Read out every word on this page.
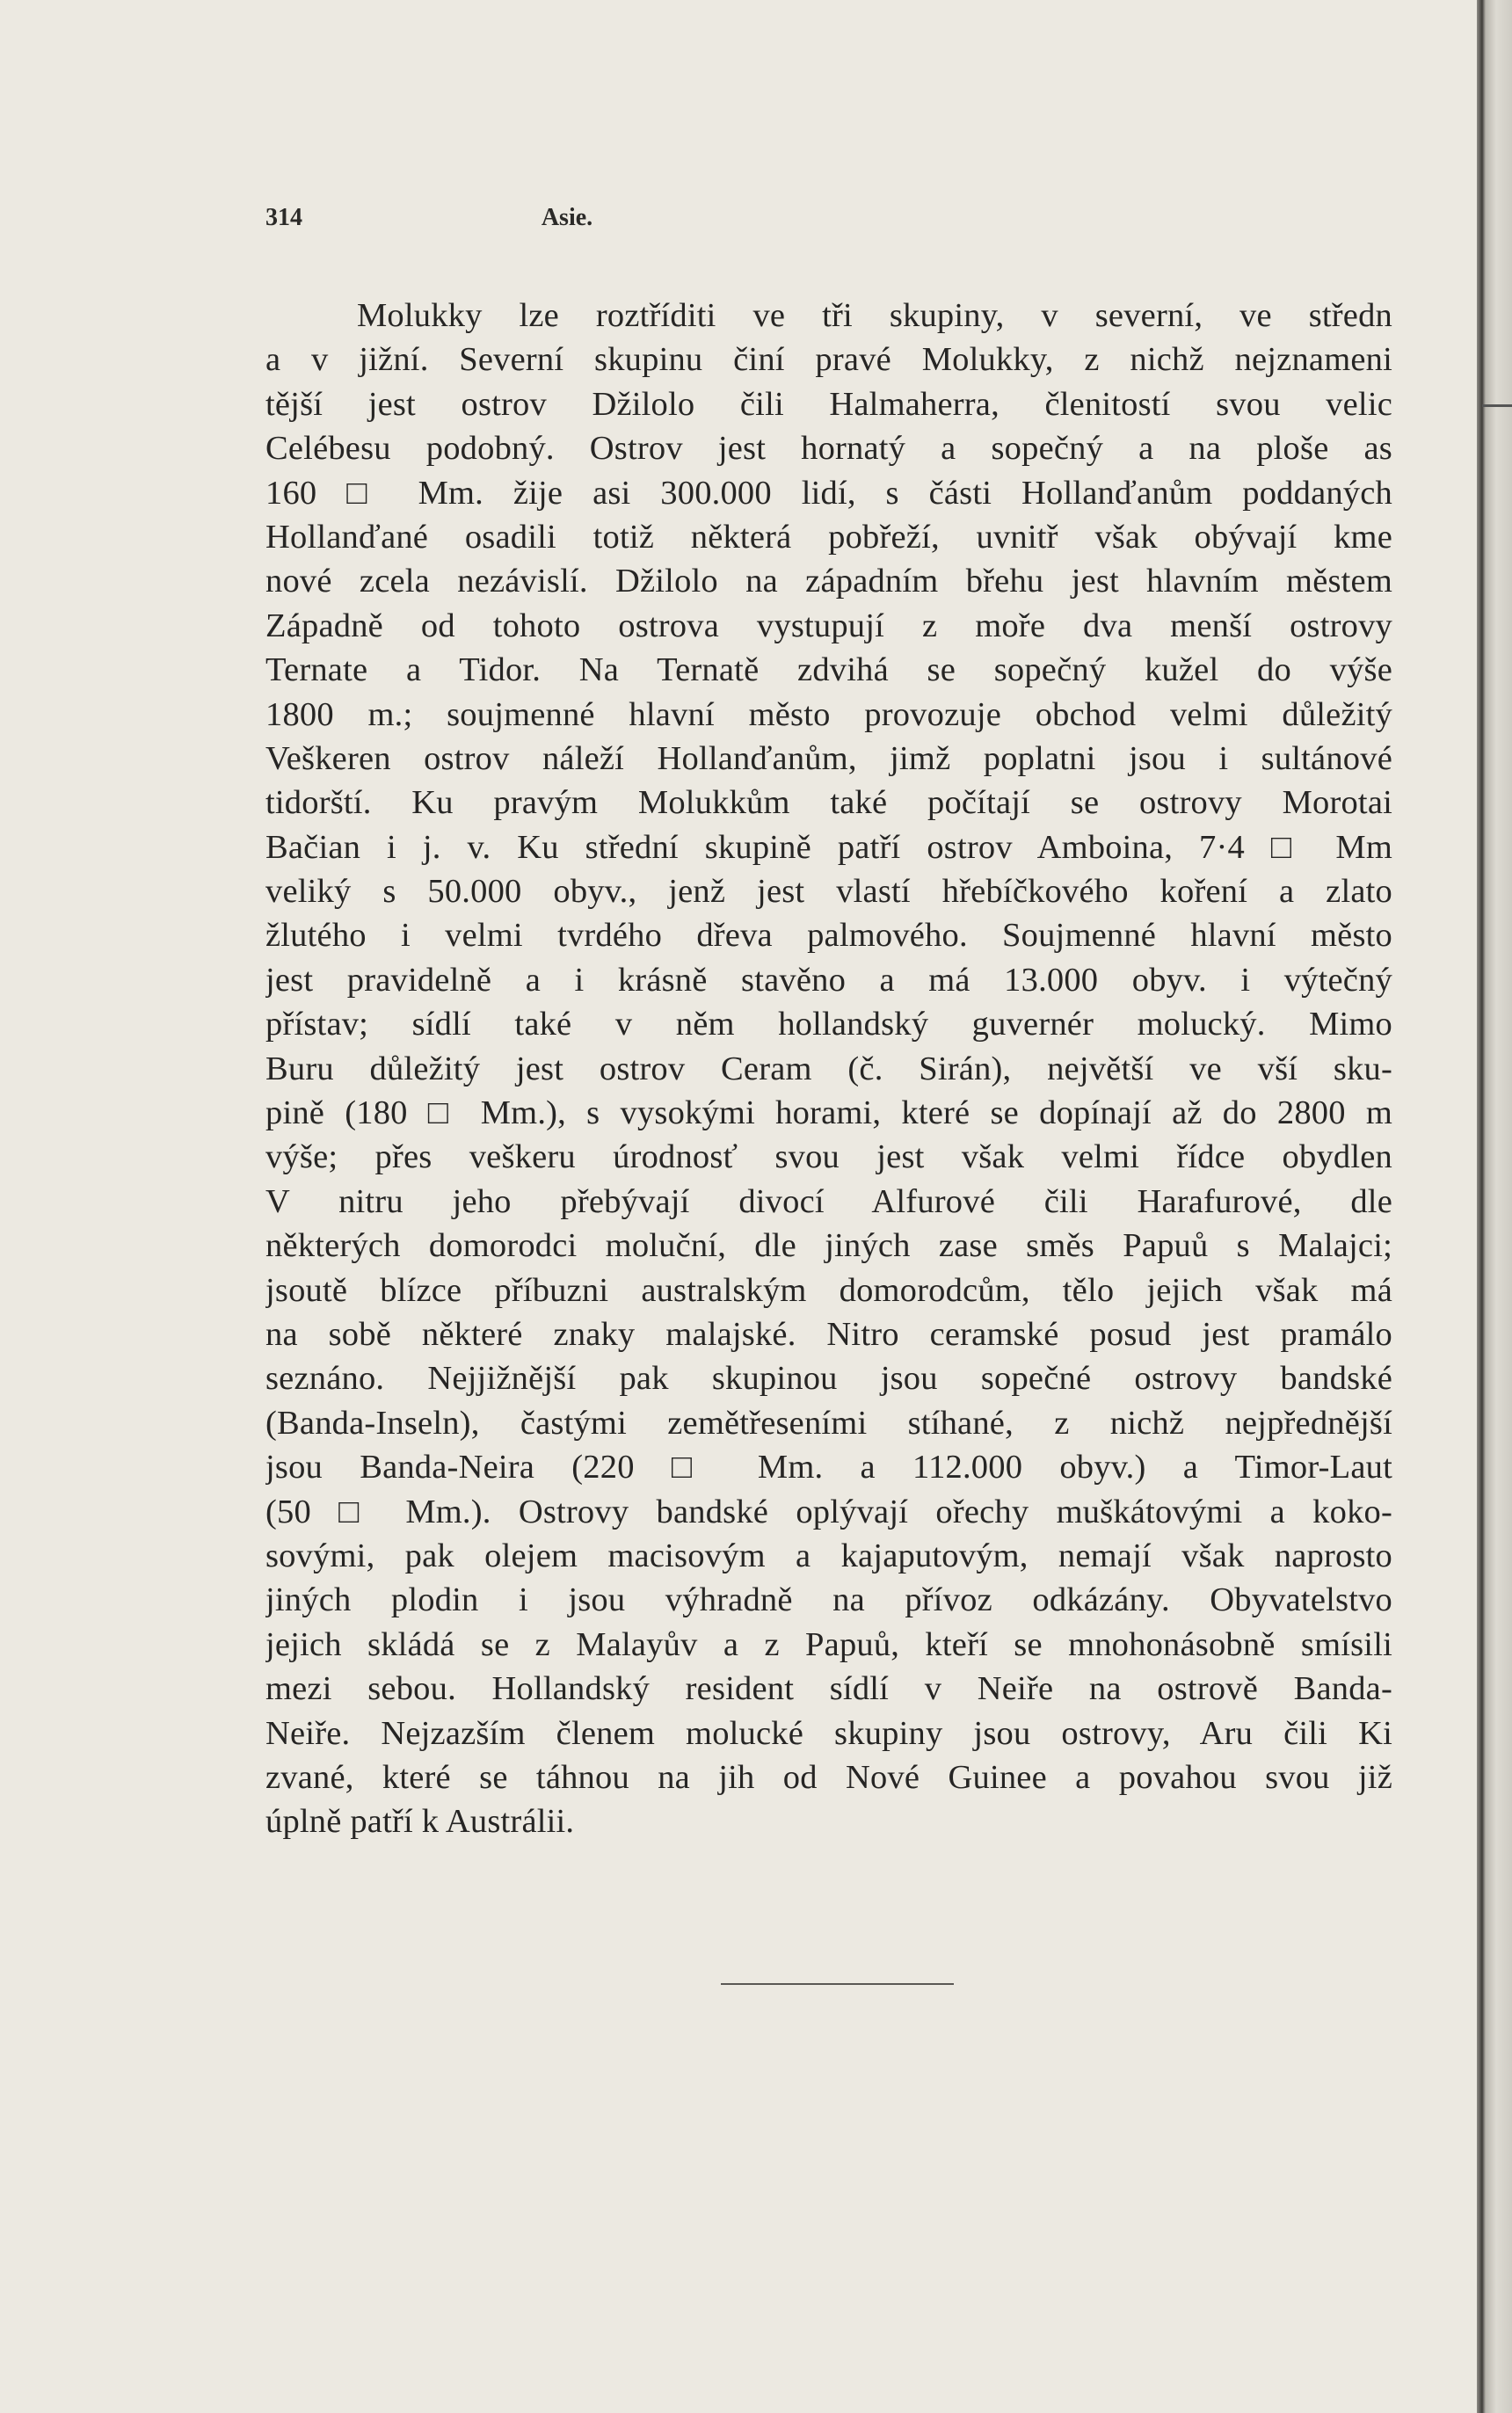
314	Asie.
Molukky lze roztříditi ve tři skupiny, v severní, ve středn
a v jižní. Severní skupinu činí pravé Molukky, z nichž nejznameni
tější jest ostrov Džilolo čili Halmaherra, členitostí svou velic
Celébesu podobný. Ostrov jest hornatý a sopečný a na ploše as
160 □ Mm. žije asi 300.000 lidí, s části Hollanďanům poddaných
Hollanďané osadili totiž některá pobřeží, uvnitř však obývají kme
nové zcela nezávislí. Džilolo na západním břehu jest hlavním městem
Západně od tohoto ostrova vystupují z moře dva menší ostrovy
Ternate a Tidor. Na Ternatě zdvihá se sopečný kužel do výše
1800 m.; soujmenné hlavní město provozuje obchod velmi důležitý
Veškeren ostrov náleží Hollanďanům, jimž poplatni jsou i sultánové
tidorští. Ku pravým Molukkům také počítají se ostrovy Morotai
Bačian i j. v. Ku střední skupině patří ostrov Amboina, 7·4 □ Mm
veliký s 50.000 obyv., jenž jest vlastí hřebíčkového koření a zlato
žlutého i velmi tvrdého dřeva palmového. Soujmenné hlavní město
jest pravidelně a i krásně stavěno a má 13.000 obyv. i výtečný
přístav; sídlí také v něm hollandský guvernér molucký. Mimo
Buru důležitý jest ostrov Ceram (č. Sirán), největší ve vší sku-
pině (180 □ Mm.), s vysokými horami, které se dopínají až do 2800 m
výše; přes veškeru úrodnosť svou jest však velmi řídce obydlen
V nitru jeho přebývají divocí Alfurové čili Harafurové, dle
některých domorodci moluční, dle jiných zase směs Papuů s Malajci;
jsoutě blízce příbuzni australským domorodcům, tělo jejich však má
na sobě některé znaky malajské. Nitro ceramské posud jest pramálo
seznáno. Nejjižnější pak skupinou jsou sopečné ostrovy bandské
(Banda-Inseln), častými zemětřeseními stíhané, z nichž nejpřednější
jsou Banda-Neira (220 □ Mm. a 112.000 obyv.) a Timor-Laut
(50 □ Mm.). Ostrovy bandské oplývají ořechy muškátovými a koko-
sovými, pak olejem macisovým a kajaputovým, nemají však naprosto
jiných plodin i jsou výhradně na přívoz odkázány. Obyvatelstvo
jejich skládá se z Malayův a z Papuů, kteří se mnohonásobně smísili
mezi sebou. Hollandský resident sídlí v Neiře na ostrově Banda-
Neiře. Nejzazším členem molucké skupiny jsou ostrovy, Aru čili Ki
zvané, které se táhnou na jih od Nové Guinee a povahou svou již
úplně patří k Austrálii.
